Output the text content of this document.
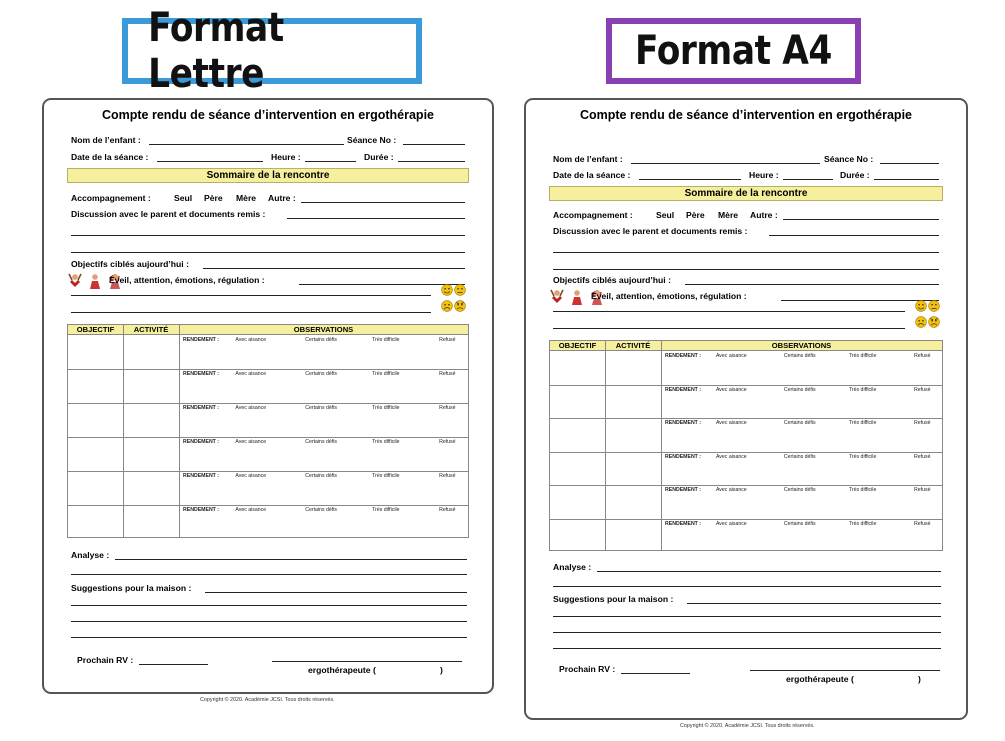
Format Lettre	Format A4
Copyright © 2020. Académie JCSI. Tous droits réservés.
Copyright © 2020. Académie JCSI. Tous droits réservés.
Compte rendu de séance d’intervention en ergothérapie
Nom de l’enfant :	Séance No :
Date de la séance :	Heure :	Durée :
Sommaire de la rencontre
Accompagnement :	Seul Père Mère Autre :
Discussion avec le parent et documents remis :
Objectifs ciblés aujourd’hui :
Éveil, attention, émotions, régulation :
OBJECTIF	ACTIVITÉ	OBSERVATIONS
RENDEMENT :	Avec aisance	Certains défis	Très difficile	Refusé
RENDEMENT :	Avec aisance	Certains défis	Très difficile	Refusé
RENDEMENT :	Avec aisance	Certains défis	Très difficile	Refusé
RENDEMENT :	Avec aisance	Certains défis	Très difficile	Refusé
RENDEMENT :	Avec aisance	Certains défis	Très difficile	Refusé
RENDEMENT :	Avec aisance	Certains défis	Très difficile	Refusé
Analyse :
Suggestions pour la maison :
Prochain RV :
ergothérapeute (	)
Compte rendu de séance d’intervention en ergothérapie
Nom de l’enfant :	Séance No :
Date de la séance :	Heure :	Durée :
Sommaire de la rencontre
Accompagnement :	Seul Père Mère Autre :
Discussion avec le parent et documents remis :
Objectifs ciblés aujourd’hui :
Éveil, attention, émotions, régulation :
OBJECTIF	ACTIVITÉ	OBSERVATIONS
RENDEMENT :	Avec aisance	Certains défis	Très difficile	Refusé
RENDEMENT :	Avec aisance	Certains défis	Très difficile	Refusé
RENDEMENT :	Avec aisance	Certains défis	Très difficile	Refusé
RENDEMENT :	Avec aisance	Certains défis	Très difficile	Refusé
RENDEMENT :	Avec aisance	Certains défis	Très difficile	Refusé
RENDEMENT :	Avec aisance	Certains défis	Très difficile	Refusé
Analyse :
Suggestions pour la maison :
Prochain RV :
ergothérapeute (	)
